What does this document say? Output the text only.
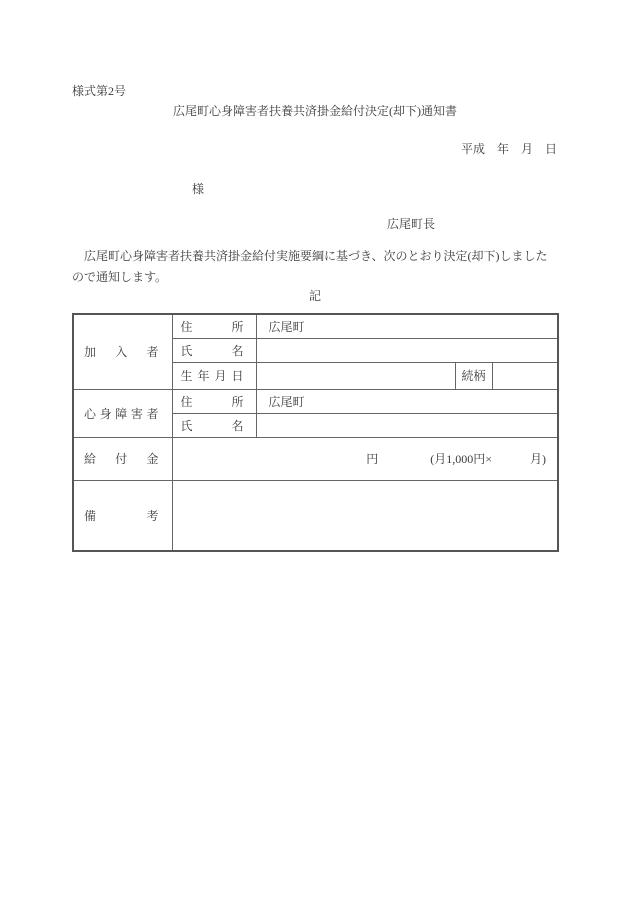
様式第2号
広尾町心身障害者扶養共済掛金給付決定(却下)通知書
平成　年　月　日
様
広尾町長
　広尾町心身障害者扶養共済掛金給付実施要綱に基づき、次のとおり決定(却下)しました
ので通知します。
記
加入者	住所	広尾町		
	氏名			
	生年月日		続柄	
心身障害者	住所	広尾町		
	氏名			
給付金	円 (月1,000円× 月)			

備考				
